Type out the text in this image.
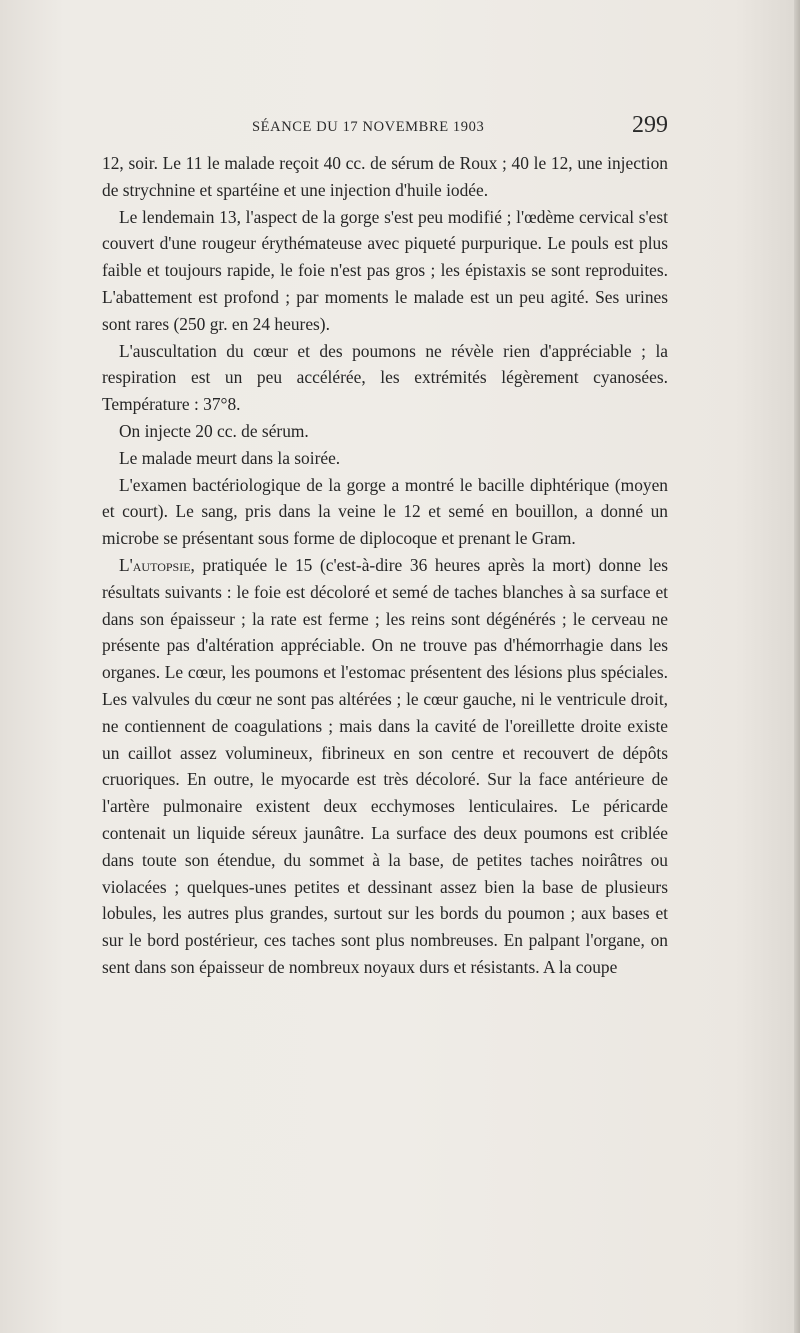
SÉANCE DU 17 NOVEMBRE 1903	299

12, soir. Le 11 le malade reçoit 40 cc. de sérum de Roux ; 40 le 12, une injection de strychnine et spartéine et une injection d'huile iodée.

Le lendemain 13, l'aspect de la gorge s'est peu modifié ; l'œdème cervical s'est couvert d'une rougeur érythémateuse avec piqueté purpurique. Le pouls est plus faible et toujours rapide, le foie n'est pas gros ; les épistaxis se sont reproduites. L'abattement est profond ; par moments le malade est un peu agité. Ses urines sont rares (250 gr. en 24 heures).

L'auscultation du cœur et des poumons ne révèle rien d'appréciable ; la respiration est un peu accélérée, les extrémités légèrement cyanosées. Température : 37°8.

On injecte 20 cc. de sérum.

Le malade meurt dans la soirée.

L'examen bactériologique de la gorge a montré le bacille diphtérique (moyen et court). Le sang, pris dans la veine le 12 et semé en bouillon, a donné un microbe se présentant sous forme de diplocoque et prenant le Gram.

L'autopsie, pratiquée le 15 (c'est-à-dire 36 heures après la mort) donne les résultats suivants : le foie est décoloré et semé de taches blanches à sa surface et dans son épaisseur ; la rate est ferme ; les reins sont dégénérés ; le cerveau ne présente pas d'altération appréciable. On ne trouve pas d'hémorrhagie dans les organes. Le cœur, les poumons et l'estomac présentent des lésions plus spéciales. Les valvules du cœur ne sont pas altérées ; le cœur gauche, ni le ventricule droit, ne contiennent de coagulations ; mais dans la cavité de l'oreillette droite existe un caillot assez volumineux, fibrineux en son centre et recouvert de dépôts cruoriques. En outre, le myocarde est très décoloré. Sur la face antérieure de l'artère pulmonaire existent deux ecchymoses lenticulaires. Le péricarde contenait un liquide séreux jaunâtre. La surface des deux poumons est criblée dans toute son étendue, du sommet à la base, de petites taches noirâtres ou violacées ; quelques-unes petites et dessinant assez bien la base de plusieurs lobules, les autres plus grandes, surtout sur les bords du poumon ; aux bases et sur le bord postérieur, ces taches sont plus nombreuses. En palpant l'organe, on sent dans son épaisseur de nombreux noyaux durs et résistants. A la coupe
